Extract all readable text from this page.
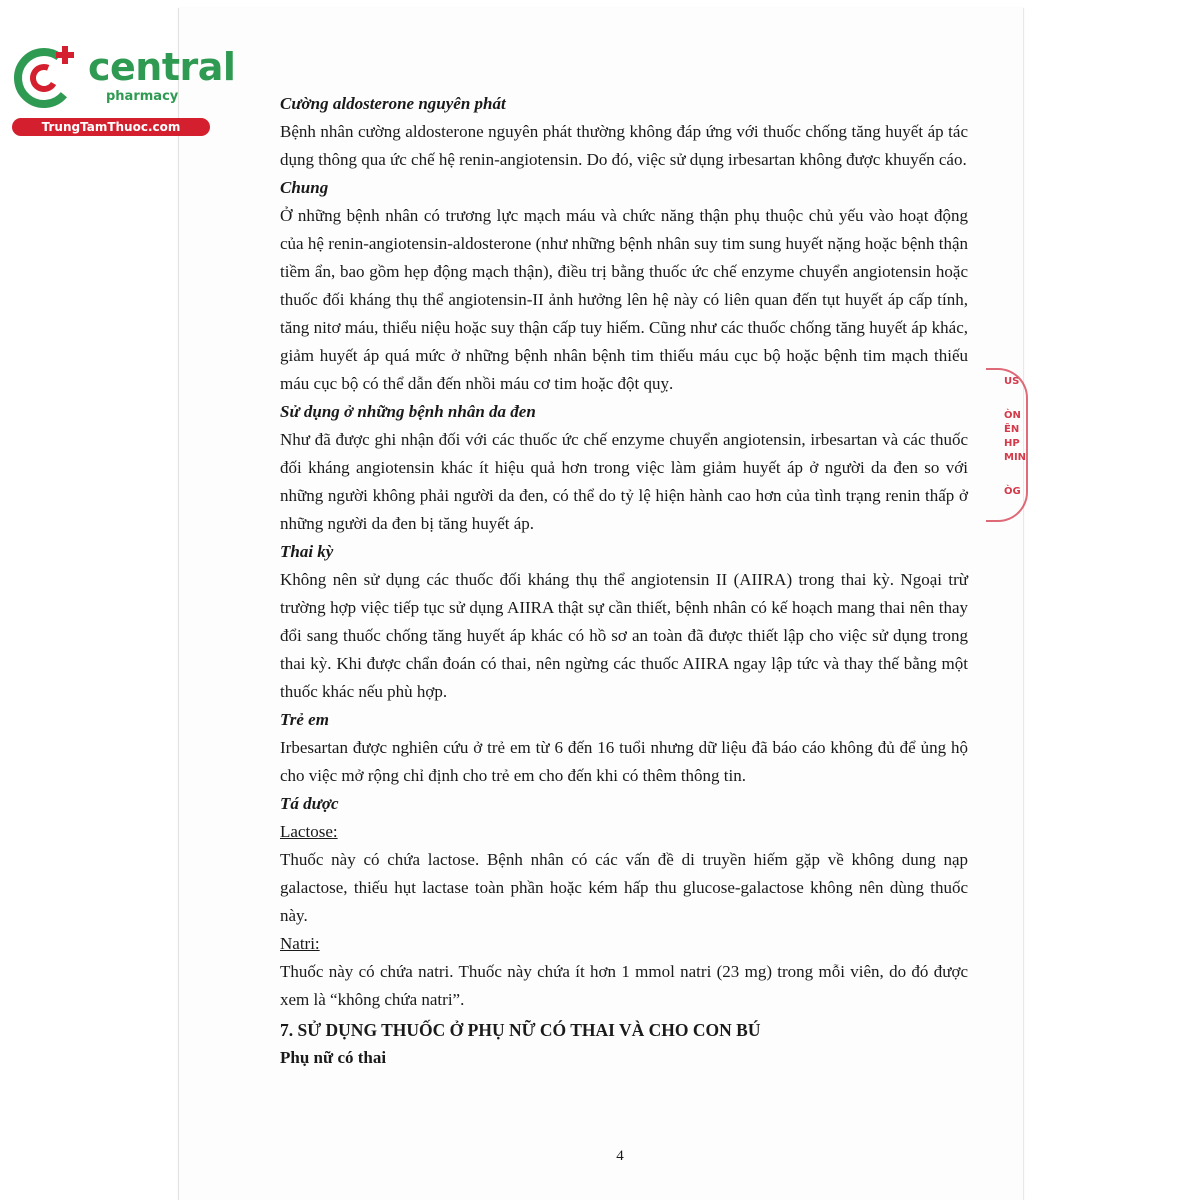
central
pharmacy
TrungTamThuoc.com
US
ÒN
ÊN
HP
MIN
ÒG

Cường aldosterone nguyên phát

Bệnh nhân cường aldosterone nguyên phát thường không đáp ứng với thuốc chống tăng huyết áp tác dụng thông qua ức chế hệ renin-angiotensin. Do đó, việc sử dụng irbesartan không được khuyến cáo.

Chung

Ở những bệnh nhân có trương lực mạch máu và chức năng thận phụ thuộc chủ yếu vào hoạt động của hệ renin-angiotensin-aldosterone (như những bệnh nhân suy tim sung huyết nặng hoặc bệnh thận tiềm ẩn, bao gồm hẹp động mạch thận), điều trị bằng thuốc ức chế enzyme chuyển angiotensin hoặc thuốc đối kháng thụ thể angiotensin-II ảnh hưởng lên hệ này có liên quan đến tụt huyết áp cấp tính, tăng nitơ máu, thiểu niệu hoặc suy thận cấp tuy hiếm. Cũng như các thuốc chống tăng huyết áp khác, giảm huyết áp quá mức ở những bệnh nhân bệnh tim thiếu máu cục bộ hoặc bệnh tim mạch thiếu máu cục bộ có thể dẫn đến nhồi máu cơ tim hoặc đột quỵ.

Sử dụng ở những bệnh nhân da đen

Như đã được ghi nhận đối với các thuốc ức chế enzyme chuyển angiotensin, irbesartan và các thuốc đối kháng angiotensin khác ít hiệu quả hơn trong việc làm giảm huyết áp ở người da đen so với những người không phải người da đen, có thể do tỷ lệ hiện hành cao hơn của tình trạng renin thấp ở những người da đen bị tăng huyết áp.

Thai kỳ

Không nên sử dụng các thuốc đối kháng thụ thể angiotensin II (AIIRA) trong thai kỳ. Ngoại trừ trường hợp việc tiếp tục sử dụng AIIRA thật sự cần thiết, bệnh nhân có kế hoạch mang thai nên thay đổi sang thuốc chống tăng huyết áp khác có hồ sơ an toàn đã được thiết lập cho việc sử dụng trong thai kỳ. Khi được chẩn đoán có thai, nên ngừng các thuốc AIIRA ngay lập tức và thay thế bằng một thuốc khác nếu phù hợp.

Trẻ em

Irbesartan được nghiên cứu ở trẻ em từ 6 đến 16 tuổi nhưng dữ liệu đã báo cáo không đủ để ủng hộ cho việc mở rộng chỉ định cho trẻ em cho đến khi có thêm thông tin.

Tá dược

Lactose:

Thuốc này có chứa lactose. Bệnh nhân có các vấn đề di truyền hiếm gặp về không dung nạp galactose, thiếu hụt lactase toàn phần hoặc kém hấp thu glucose-galactose không nên dùng thuốc này.

Natri:

Thuốc này có chứa natri. Thuốc này chứa ít hơn 1 mmol natri (23 mg) trong mỗi viên, do đó được xem là “không chứa natri”.

7. SỬ DỤNG THUỐC Ở PHỤ NỮ CÓ THAI VÀ CHO CON BÚ

Phụ nữ có thai

4
